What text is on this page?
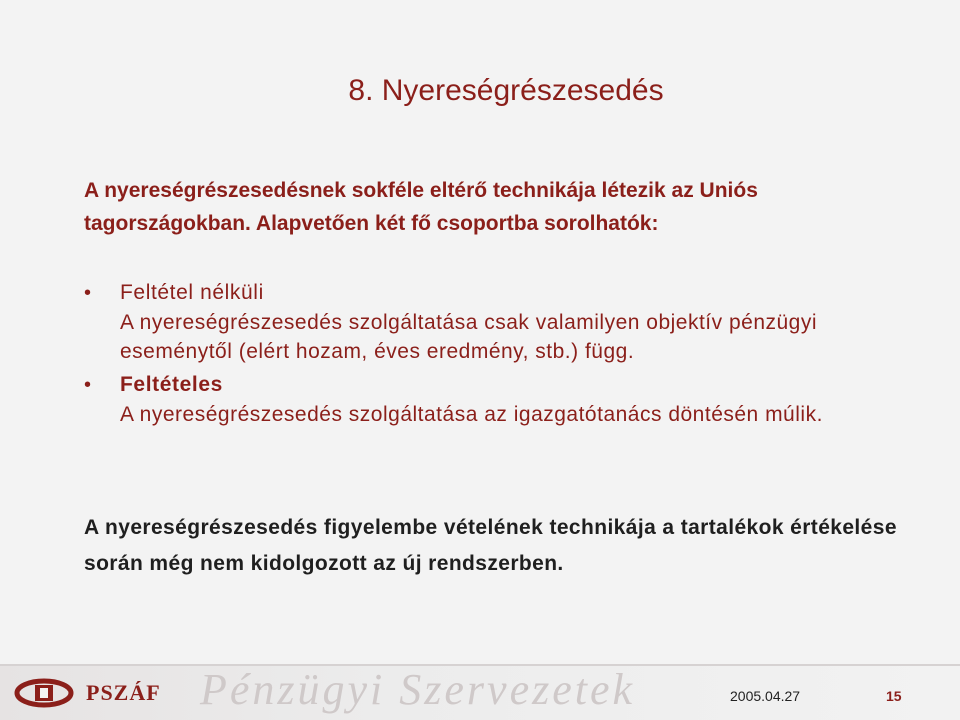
8. Nyereségrészesedés
A nyereségrészesedésnek sokféle eltérő technikája létezik az Uniós tagországokban. Alapvetően két fő csoportba sorolhatók:
• Feltétel nélküli
A nyereségrészesedés szolgáltatása csak valamilyen objektív pénzügyi eseménytől (elért hozam, éves eredmény, stb.) függ.
• Feltételes
A nyereségrészesedés szolgáltatása az igazgatótanács döntésén múlik.
A nyereségrészesedés figyelembe vételének technikája a tartalékok értékelése során még nem kidolgozott az új rendszerben.
Pénzügyi Szervezetek
PSZÁF	2005.04.27	15
